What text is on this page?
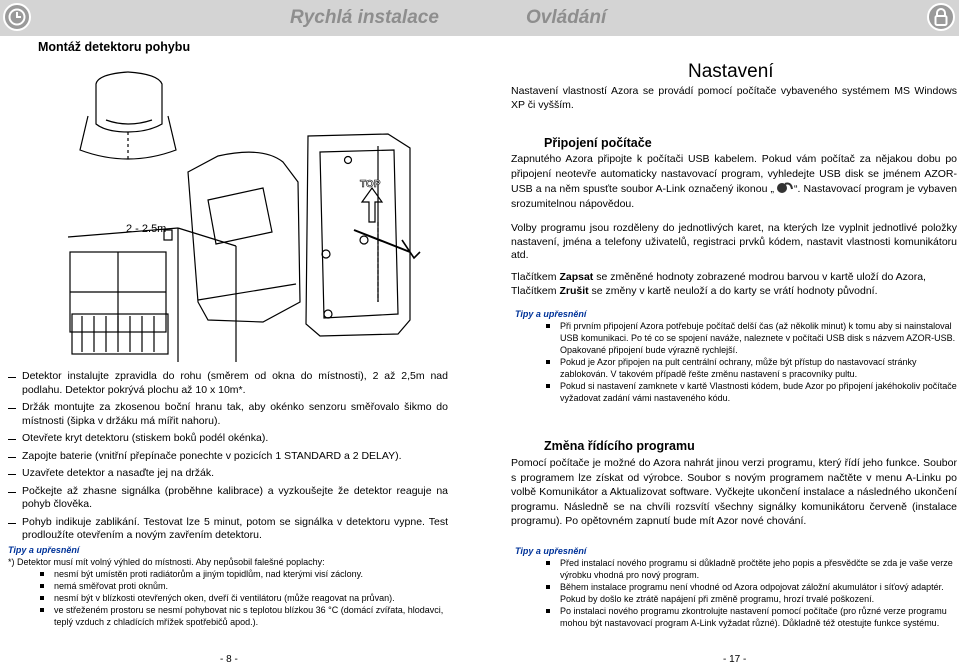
Rychlá instalace	Ovládání
Montáž detektoru pohybu
TOP
2 - 2.5m
Detektor instalujte zpravidla do rohu (směrem od okna do místnosti), 2 až 2,5m nad podlahu. Detektor pokrývá plochu až 10 x 10m*.
Držák montujte za zkosenou boční hranu tak, aby okénko senzoru směřovalo šikmo do místnosti (šipka v držáku má mířit nahoru).
Otevřete kryt detektoru (stiskem boků podél okénka).
Zapojte baterie (vnitřní přepínače ponechte v pozicích 1 STANDARD a 2 DELAY).
Uzavřete detektor a nasaďte jej na držák.
Počkejte až zhasne signálka (proběhne kalibrace) a vyzkoušejte že detektor reaguje na pohyb člověka.
Pohyb indikuje zablikání. Testovat lze 5 minut, potom se signálka v detektoru vypne. Test prodloužíte otevřením a novým zavřením detektoru.
Tipy a upřesnění
*) Detektor musí mít volný výhled do místnosti. Aby nepůsobil falešné poplachy:
nesmí být umístěn proti radiátorům a jiným topidlům, nad kterými visí záclony.
nemá směřovat proti oknům.
nesmí být v blízkosti otevřených oken, dveří či ventilátoru (může reagovat na průvan).
ve střeženém prostoru se nesmí pohybovat nic s teplotou blízkou 36 °C (domácí zvířata, hlodavci, teplý vzduch z chladících mřížek spotřebičů apod.).
- 8 -
Nastavení
Nastavení vlastností Azora se provádí pomocí počítače vybaveného systémem MS Windows XP či vyšším.
Připojení počítače
Zapnutého Azora připojte k počítači USB kabelem. Pokud vám počítač za nějakou dobu po připojení neotevře automaticky nastavovací program, vyhledejte USB disk se jménem AZOR-USB a na něm spusťte soubor A-Link označený ikonou „ “. Nastavovací program je vybaven srozumitelnou nápovědou.
Volby programu jsou rozděleny do jednotlivých karet, na kterých lze vyplnit jednotlivé položky nastavení, jména a telefony uživatelů, registraci prvků kódem, nastavit vlastnosti komunikátoru atd.
Tlačítkem Zapsat se změněné hodnoty zobrazené modrou barvou v kartě uloží do Azora,
Tlačítkem Zrušit se změny v kartě neuloží a do karty se vrátí hodnoty původní.
Tipy a upřesnění
Při prvním připojení Azora potřebuje počítač delší čas (až několik minut) k tomu aby si nainstaloval USB komunikaci. Po té co se spojení naváže, naleznete v počítači USB disk s názvem AZOR-USB. Opakované připojení bude výrazně rychlejší.
Pokud je Azor připojen na pult centrální ochrany, může být přístup do nastavovací stránky zablokován. V takovém případě řešte změnu nastavení s pracovníky pultu.
Pokud si nastavení zamknete v kartě Vlastnosti kódem, bude Azor po připojení jakéhokoliv počítače vyžadovat zadání vámi nastaveného kódu.
Změna řídícího programu
Pomocí počítače je možné do Azora nahrát jinou verzi programu, který řídí jeho funkce. Soubor s programem lze získat od výrobce. Soubor s novým programem načtěte v menu A-Linku po volbě Komunikátor a Aktualizovat software. Vyčkejte ukončení instalace a následného ukončení programu. Následně se na chvíli rozsvítí všechny signálky komunikátoru červeně (instalace programu). Po opětovném zapnutí bude mít Azor nové chování.
Tipy a upřesnění
Před instalací nového programu si důkladně pročtěte jeho popis a přesvědčte se zda je vaše verze výrobku vhodná pro nový program.
Během instalace programu není vhodné od Azora odpojovat záložní akumulátor i síťový adaptér. Pokud by došlo ke ztrátě napájení při změně programu, hrozí trvalé poškození.
Po instalaci nového programu zkontrolujte nastavení pomocí počítače (pro různé verze programu mohou být nastavovací program A-Link vyžadat různé). Důkladně též otestujte funkce systému.
- 17 -
